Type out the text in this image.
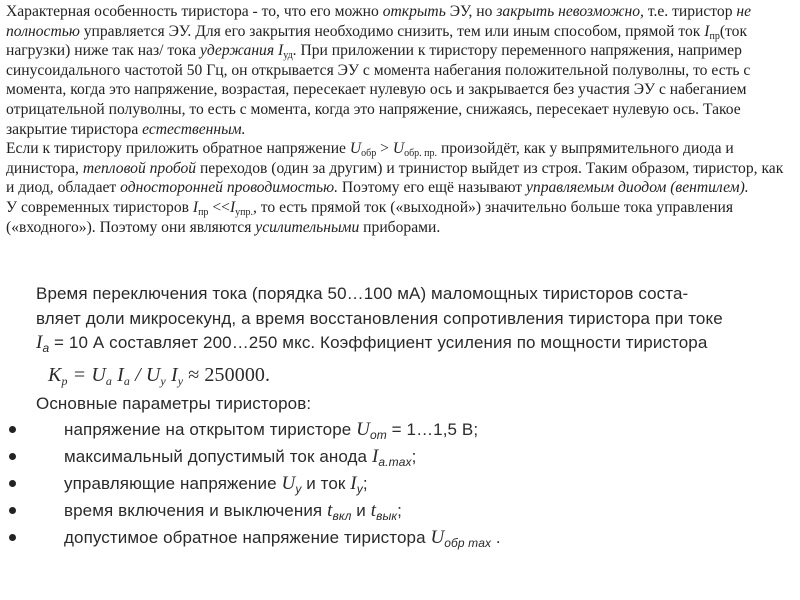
Характерная особенность тиристора - то, что его можно открыть ЭУ, но закрыть невозможно, т.е. тиристор не полностью управляется ЭУ. Для его закрытия необходимо снизить, тем или иным способом, прямой ток $I_{пр}(ток$ нагрузки) ниже так наз/ тока удержания $I_{уд}$. При приложении к тиристору переменного напряжения, например синусоидального частотой 50 Гц, он открывается ЭУ с момента набегания положительной полуволны, то есть с момента, когда это напряжение, возрастая, пересекает нулевую ось и закрывается без участия ЭУ с набеганием отрицательной полуволны, то есть с момента, когда это напряжение, снижаясь, пересекает нулевую ось. Такое закрытие тиристора естественным.

Если к тиристору приложить обратное напряжение $U_{обр} > U_{обр. пр.}$ произойдёт, как у выпрямительного диода и динистора, тепловой пробой переходов (один за другим) и тринистор выйдет из строя. Таким образом, тиристор, как и диод, обладает односторонней проводимостью. Поэтому его ещё называют управляемым диодом (вентилем).

У современных тиристоров $I_{пр} <<I_{упр.}$, то есть прямой ток («выходной») значительно больше тока управления («входного»). Поэтому они являются усилительными приборами.

Время переключения тока (порядка 50…100 мА) маломощных тиристоров соста-

вляет доли микросекунд, а время восстановления сопротивления тиристора при токе

$I_a = 10$ А составляет 200…250 мкс. Коэффициент усиления по мощности тиристора

$K_p = U_a$ $I_a / U_y$ $I_y \approx 250000$.

Основные параметры тиристоров:

напряжение на открытом тиристоре $U_{от}$ = 1…1,5 В;
максимальный допустимый ток анода $I_{a.max}$;
управляющие напряжение $U_y$ и ток $I_y$;
время включения и выключения $t_{вкл}$ и $t_{вык}$;
допустимое обратное напряжение тиристора $U_{обр max}$ .
